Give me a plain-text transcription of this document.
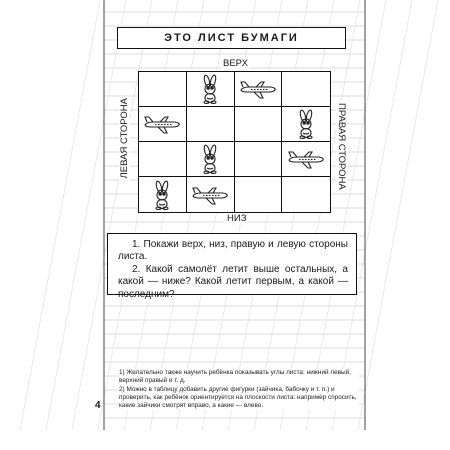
ЭТО ЛИСТ БУМАГИ
ВЕРХ
НИЗ
ЛЕВАЯ СТОРОНА	ПРАВАЯ СТОРОНА

1. Покажи верх, низ, правую и левую стороны листа.

2. Какой самолёт летит выше остальных, а какой — ниже? Какой летит первым, а какой — последним?

1) Желательно также научить ребёнка показывать углы листа: нижний левый, верхний правый и т. д.

2) Можно в таблицу добавить другие фигурки (зайчика, бабочку и т. п.) и проверить, как ребёнок ориентируется на плоскости листа: например спросить, какие зайчики смотрят вправо, а какие — влево.

4
